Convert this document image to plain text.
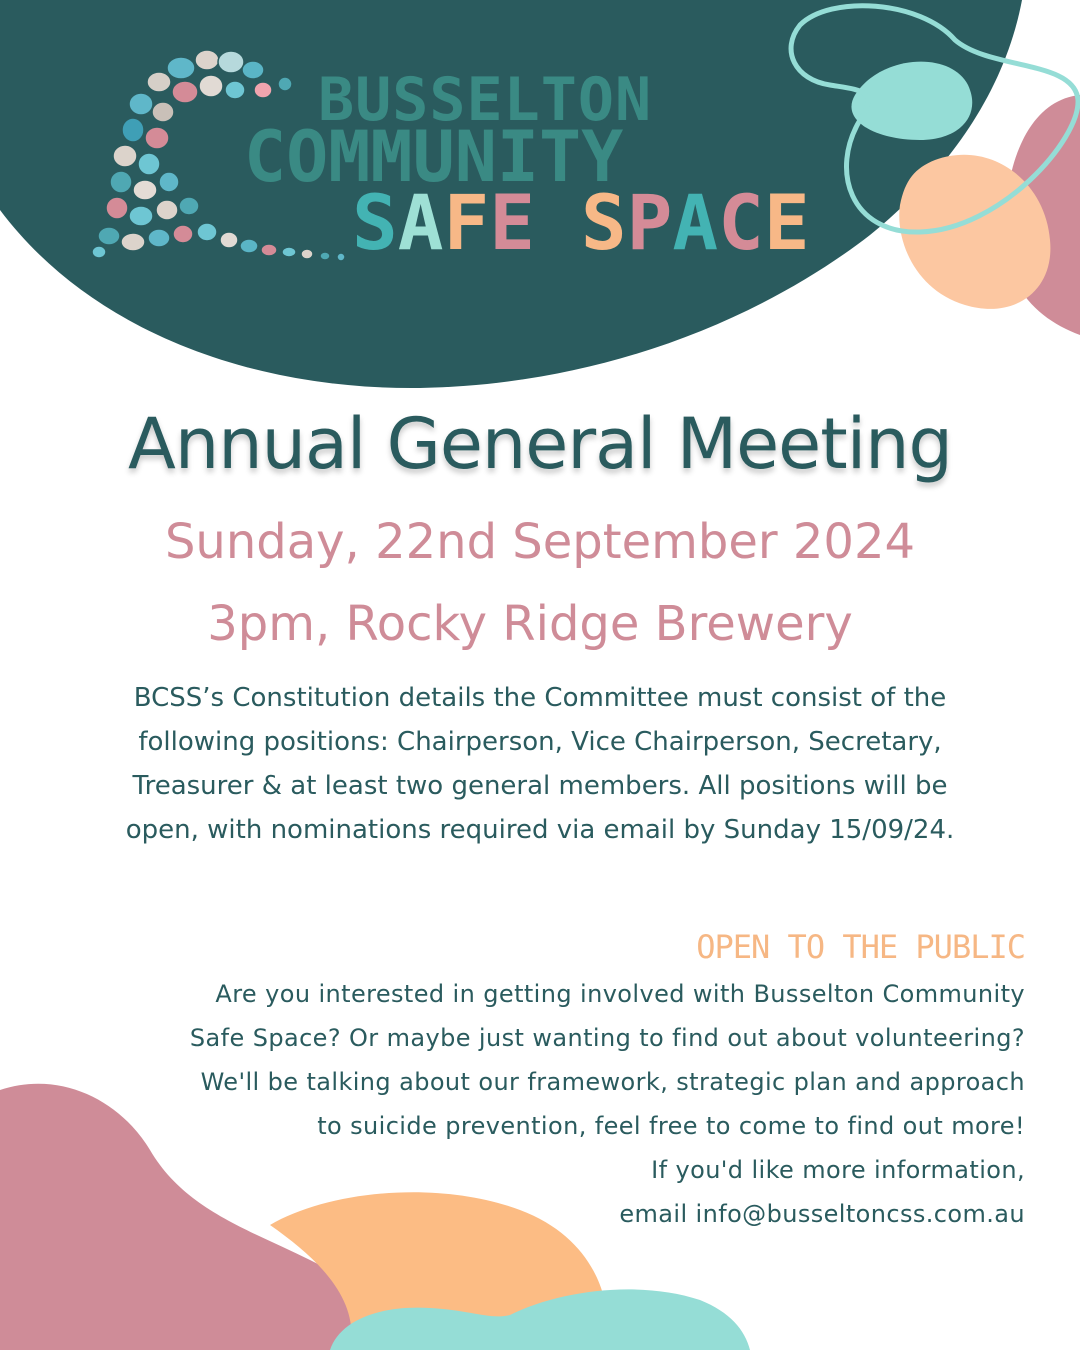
BUSSELTON
COMMUNITY
SAFE SPACE
Annual General Meeting
Sunday, 22nd September 2024
3pm, Rocky Ridge Brewery
BCSS’s Constitution details the Committee must consist of the
following positions: Chairperson, Vice Chairperson, Secretary,
Treasurer & at least two general members. All positions will be
open, with nominations required via email by Sunday 15/09/24.
OPEN TO THE PUBLIC
Are you interested in getting involved with Busselton Community
Safe Space? Or maybe just wanting to find out about volunteering?
We'll be talking about our framework, strategic plan and approach
to suicide prevention, feel free to come to find out more!
If you'd like more information,
email info@busseltoncss.com.au
